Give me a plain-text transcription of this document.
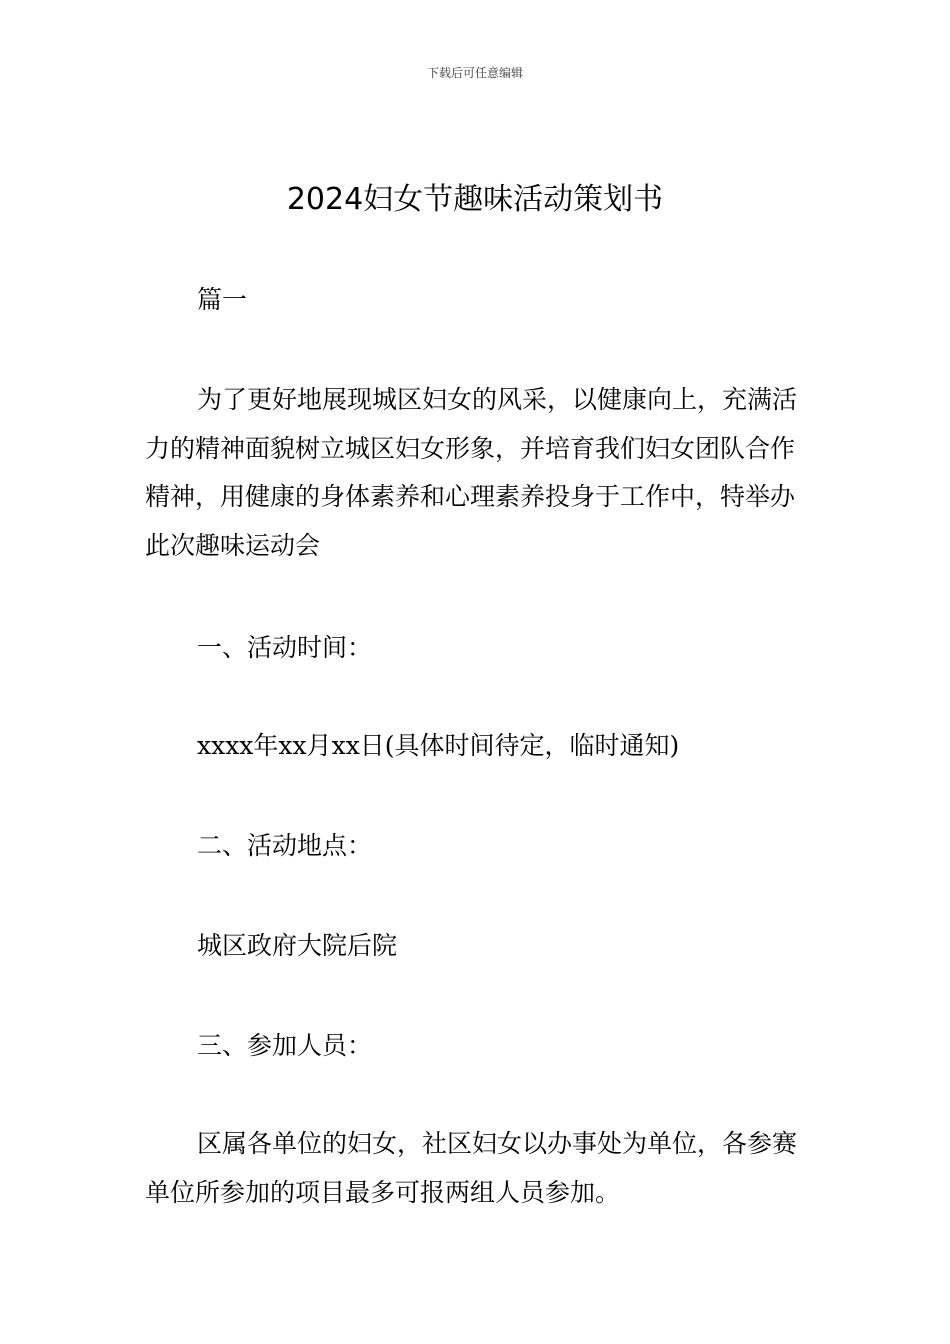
下载后可任意编辑
2024妇女节趣味活动策划书

篇一

为了更好地展现城区妇女的风采，以健康向上，充满活力的精神面貌树立城区妇女形象，并培育我们妇女团队合作精神，用健康的身体素养和心理素养投身于工作中，特举办此次趣味运动会

一、活动时间：

xxxx年xx月xx日(具体时间待定，临时通知)

二、活动地点：

城区政府大院后院

三、参加人员：

区属各单位的妇女，社区妇女以办事处为单位，各参赛单位所参加的项目最多可报两组人员参加。
